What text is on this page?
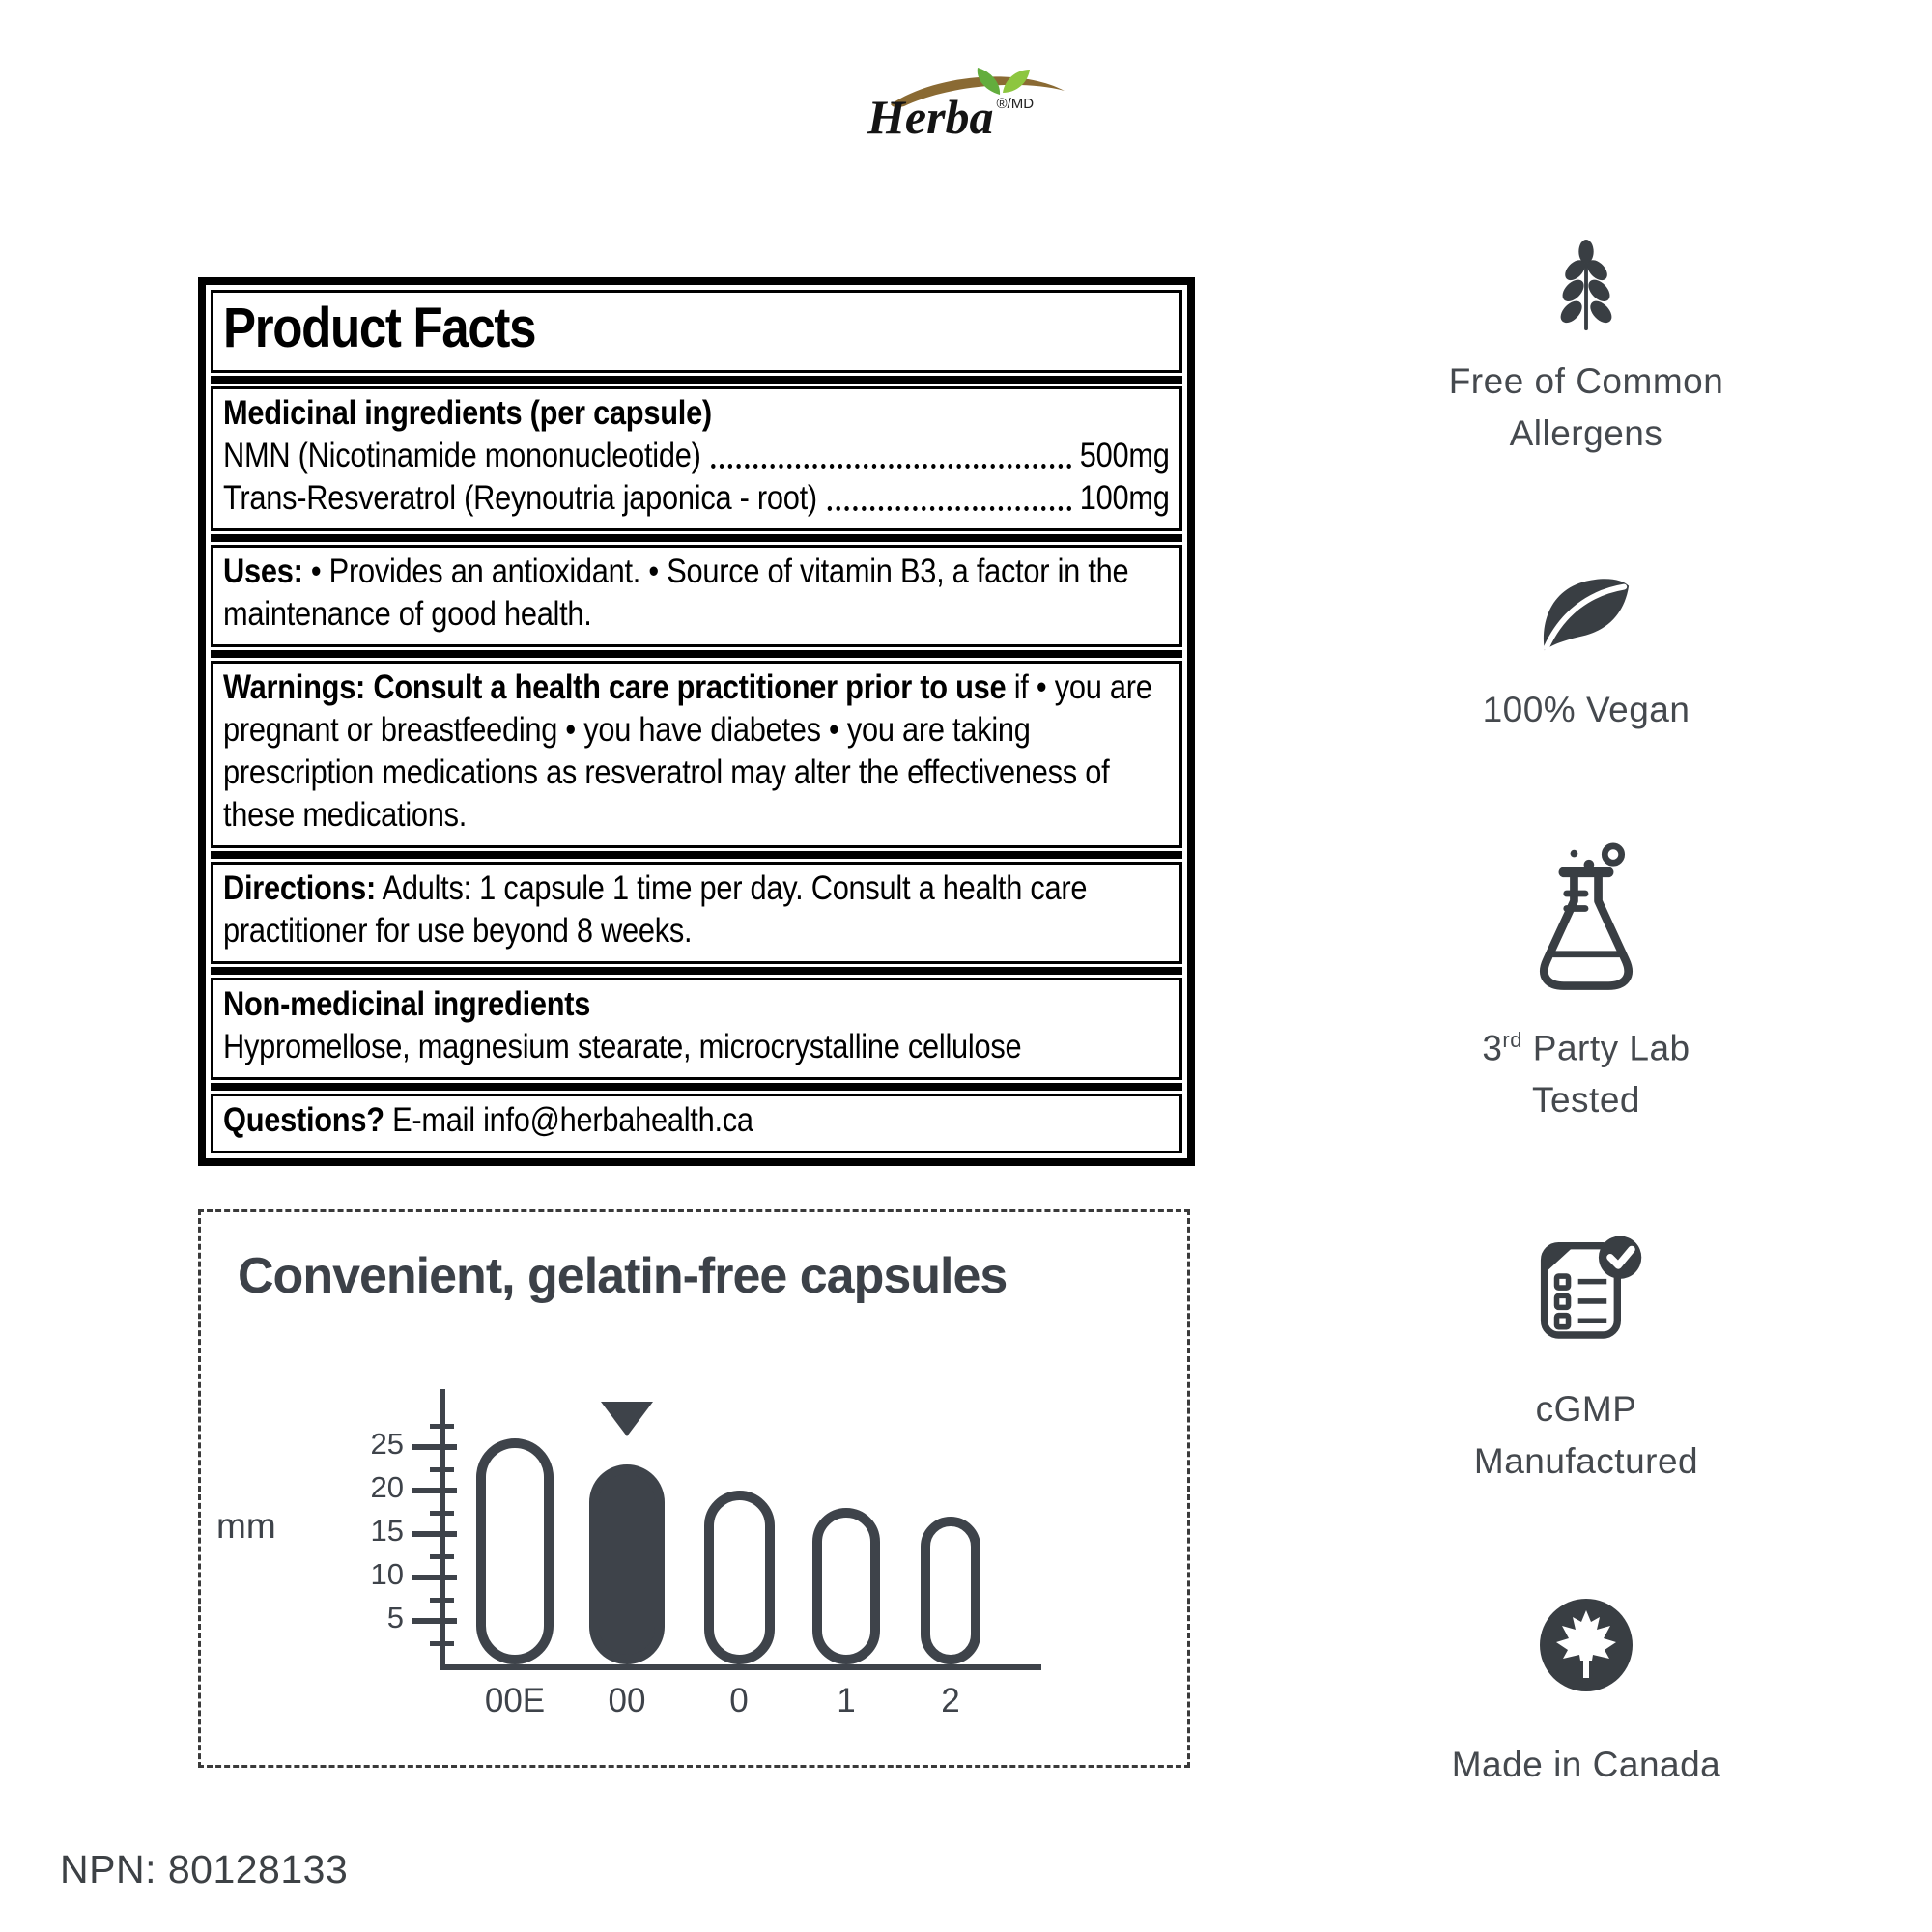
Herba ®/MD
Product Facts
Medicinal ingredients (per capsule)
NMN (Nicotinamide mononucleotide)	500mg
Trans-Resveratrol (Reynoutria japonica - root)	100mg
Uses: • Provides an antioxidant. • Source of vitamin B3, a factor in the maintenance of good health.
Warnings: Consult a health care practitioner prior to use if • you are pregnant or breastfeeding • you have diabetes • you are taking prescription medications as resveratrol may alter the effectiveness of these medications.
Directions: Adults: 1 capsule 1 time per day. Consult a health care practitioner for use beyond 8 weeks.
Non-medicinal ingredients
Hypromellose, magnesium stearate, microcrystalline cellulose
Questions? E-mail info@herbahealth.ca
Convenient, gelatin-free capsules
mm
5
10
15
20
25
00E	00	0	1	2
Free of Common
Allergens
100% Vegan
3rd Party Lab
Tested
cGMP
Manufactured
Made in Canada
NPN: 80128133
